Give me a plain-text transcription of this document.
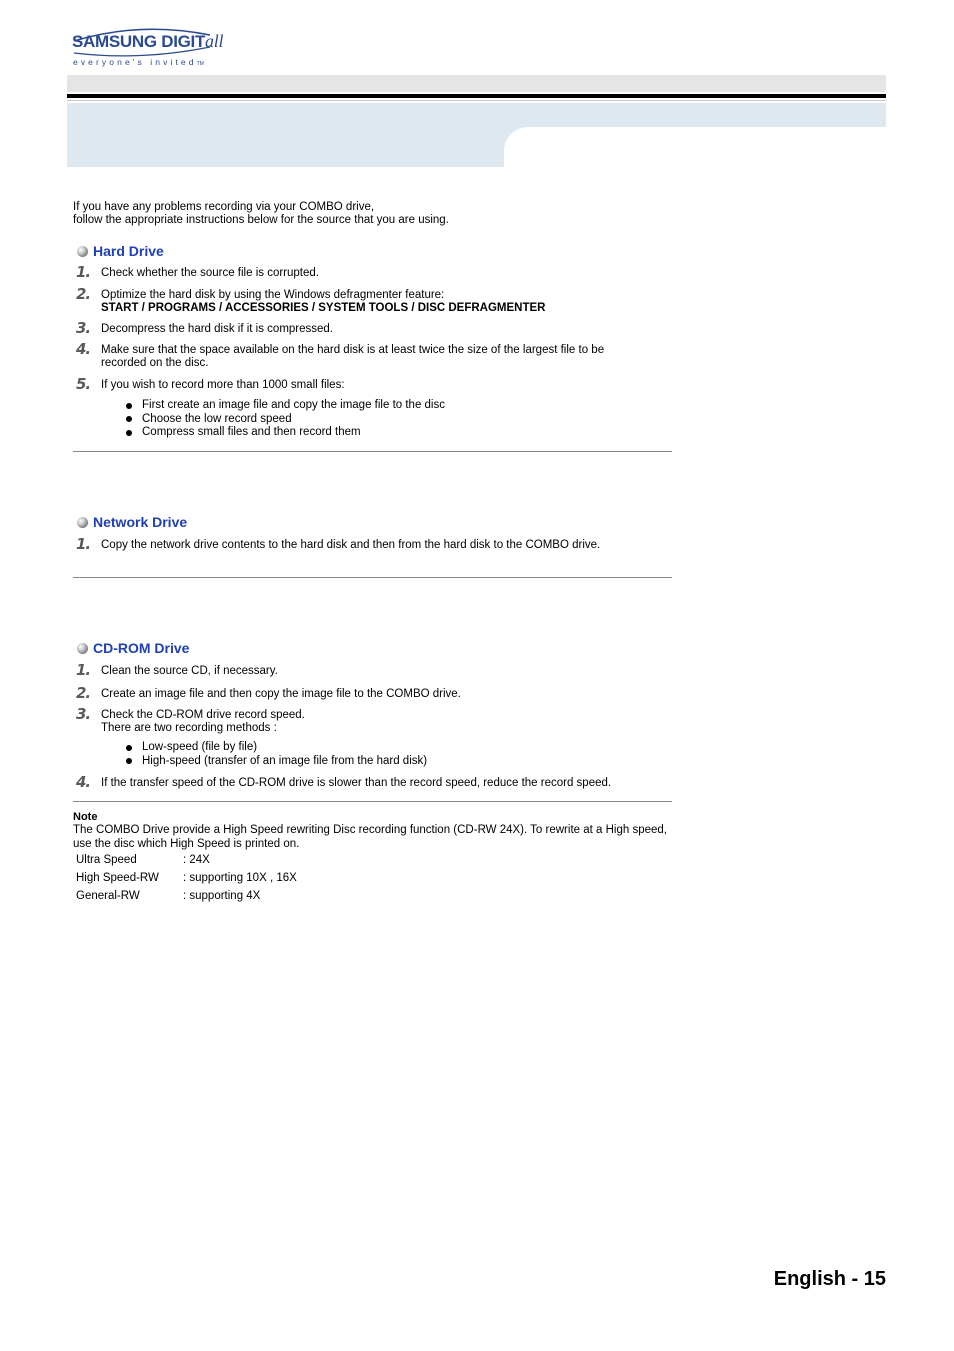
SAMSUNG DIGITall
everyone's invitedTM
If you have any problems recording via your COMBO drive,
follow the appropriate instructions below for the source that you are using.
Hard Drive
1. Check whether the source file is corrupted.
2. Optimize the hard disk by using the Windows defragmenter feature:
START / PROGRAMS / ACCESSORIES / SYSTEM TOOLS / DISC DEFRAGMENTER
3. Decompress the hard disk if it is compressed.
4. Make sure that the space available on the hard disk is at least twice the size of the largest file to be
recorded on the disc.
5. If you wish to record more than 1000 small files:
First create an image file and copy the image file to the disc
Choose the low record speed
Compress small files and then record them
Network Drive
1. Copy the network drive contents to the hard disk and then from the hard disk to the COMBO drive.
CD-ROM Drive
1. Clean the source CD, if necessary.
2. Create an image file and then copy the image file to the COMBO drive.
3. Check the CD-ROM drive record speed.
There are two recording methods :
Low-speed (file by file)
High-speed (transfer of an image file from the hard disk)
4. If the transfer speed of the CD-ROM drive is slower than the record speed, reduce the record speed.
Note
The COMBO Drive provide a High Speed rewriting Disc recording function (CD-RW 24X). To rewrite at a High speed, use the disc which High Speed is printed on.
Ultra Speed	: 24X
High Speed-RW	: supporting 10X , 16X
General-RW	: supporting 4X
English - 15
